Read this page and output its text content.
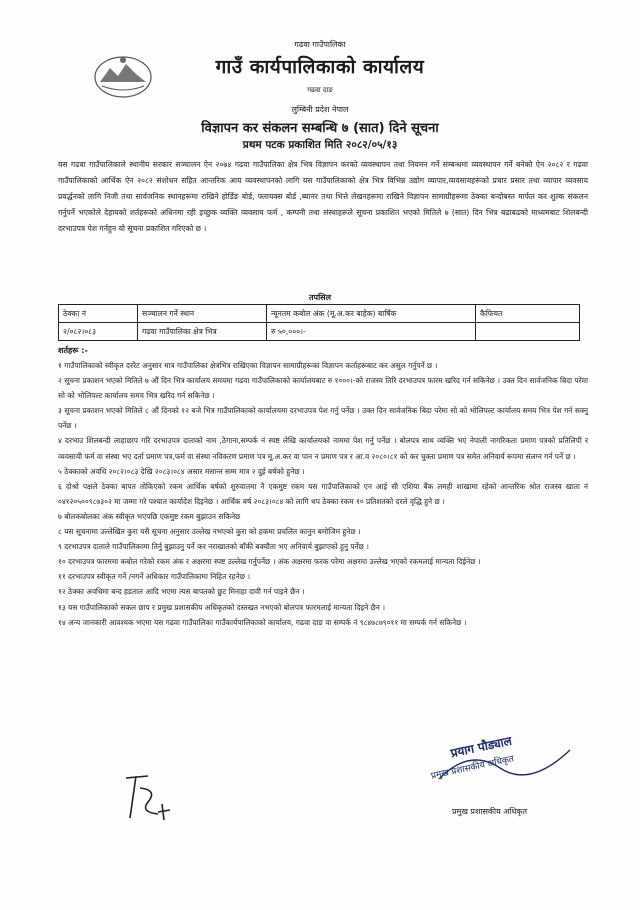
गढवा गाउँपालिका
गाउँ कार्यपालिकाको कार्यालय
गढवा दाङ
लुम्बिनी प्रदेश नेपाल
विज्ञापन कर संकलन सम्बन्धि ७ (सात) दिने सूचना
प्रथम पटक प्रकाशित मिति २०८२/०५/१३
यस गढवा गाउँपालिकाले स्थानीय सरकार सञ्चालन ऐन २०७४ गढवा गाउँपालिका क्षेत्र भित्र विज्ञापन करको व्यवस्थापन तथा नियमन गर्ने सम्बन्धमा व्यवस्थापन गर्ने बनेको ऐन २०८२ र गढवा गाउँपालिकाको आर्थिक ऐन २०८२ संशोधन सहित आन्तरिक आय व्यवस्थापनको लागि यस गाउँपालिकाको क्षेत्र भित्र विभिन्न उद्योग व्यापार,व्यवसायहरूको प्रचार प्रसार तथा व्यापार व्यवसाय प्रवर्द्धनको लागि निजी तथा सार्वजनिक स्थानहरूमा राखिने होर्डिङ बोर्ड, फ्लायक्स बोर्ड ,ब्यानर तथा भित्ते लेखनहरूमा राखिने विज्ञापन सामाग्रीहरूमा ठेक्का बन्दोबस्त मार्फत कर शुल्क संकलन गर्नुपर्ने भएकोले देहायको शर्तहरूको अधिनमा रही इच्छुक व्यक्ति व्यवसाय फर्म , कम्पनी तथा संस्थाहरूले सूचना प्रकाशित भएको मितिले ७ (सात) दिन भित्र बढाबढको माध्यमबाट शिलबन्दी दरभाउपत्र पेश गर्नहुन यो सूचना प्रकाशित गरिएको छ ।
तपसिल
ठेक्का नं	सञ्चालन गर्ने स्थान	न्यूनतम कबोल अंक (मू.अ.कर बाहेक) बार्षिक	कैफियत
२/०८२।०८३	गढवा गाउँपालिका क्षेत्र भित्र	रु ५०,०००।-	
शर्तहरू :-

१ गाउँपालिकाको स्वीकृत दररेट अनुसार मात्र गाउँपालिका क्षेत्रभित्र राखिएका विज्ञापन सामाग्रीहरूका विज्ञापन कर्ताहरूबाट कर असुल गर्नुपर्ने छ ।

२ सूचना प्रकाशन भएको मितिले ७ औं दिन भित्र कार्यालय समयमा गढवा गाउँपालिकाको कार्यालयबाट रु १०००।-को राजस्व तिरि दरभाउपत्र फारम खरिद गर्न सकिनेछ । उक्त दिन सार्वजनिक बिदा परेमा सो को भोलिपल्ट कार्यालय समय भित्र खरिद गर्न सकिनेछ ।

३ सूचना प्रकाशन भएको मितिले ८ औं दिनको १२ बजे भित्र गाउँपालिकाको कार्यालयमा दरभाउपत्र पेश गर्नु पर्नेछ । उक्त दिन सार्वजनिक बिदा परेमा सो को भोलिपल्ट कार्यालय समय भित्र पेश गर्न सक्नु पर्नेछ ।

४ दरभाउ शिलबन्दी लाहाछाप गरि दरभाउपत्र दाताको नाम ,ठेगाना,सम्पर्क नं स्पष्ट लेखि कार्यालयको नाममा पेश गर्नु पर्नेछ । बोलपत्र साथ व्यक्ति भए नेपाली नागरिकता प्रमाण पत्रको प्रतिलिपी र व्यवसायी फर्म वा संस्था भए दर्ता प्रमाण पत्र,फर्म वा संस्था नविकरण प्रमाण पत्र मू.अ.कर वा पान न प्रमाण पत्र र आ.व २०८०।८१ को कर चुक्ता प्रमाण पत्र समेत अनिवार्य रूपमा संलग्न गर्न पर्ने छ ।

५ ठेक्काको अवधि २०८२।०८३ देखि २०८३।०८४ असार मसान्त सम्म मात्र २ दुई बर्षको हुनेछ ।

६ दोश्रो पक्षले ठेक्का बापत तोकिएको रकम आर्थिक बर्षको शुरुवातमा नै एकमुष्ट रकम यस गाउँपालिकाको एन आई सी एशिया बैंक लमही शाखामा रहेको आन्तरिक श्रोत राजस्व खाता नं ०४१२०५००९८७३०२ मा जम्मा गरे पश्चात कार्यादेश दिइनेछ । आर्थिक बर्ष २०८३।०८४ को लागि थप ठेक्का रकम १० प्रतिशतको दरले वृद्धि हुने छ ।

७ बोलकबोलका अंक स्वीकृत भएपछि एकमुष्ट रकम बुझाउन सकिनेछ

८ यस सूचनामा उल्लेखित कुरा यसै सूचना अनुसार उल्लेख नभएको कुरा को हकमा प्रचलित कानुन बमोजिम हुनेछ ।

९ दरभाउपत्र दाताले गाउँपालिकामा तिर्नु बुझाउनु पर्ने कर नराखातको बाँकी बक्यौता भए अनिवार्य बुझाएको हुनु पर्नेछ ।

१० दरभाउपत्र फारममा कबोल गरेको रकम अंक र अक्षरमा स्पष्ट उल्लेख गर्नुपर्नेछ । अंक अक्षरमा फरक परेमा अक्षरमा उल्लेख भएको रकमलाई मान्यता दिईनेछ ।

११ दरभाउपत्र स्वीकृत गर्ने /नगर्ने अधिकार गाउँपालिकामा निहित रहनेछ ।

१२ ठेक्का अवधिमा बन्द हडताल आदि भएमा त्यस बापतको छुट मिनाहा दावी गर्न पाइने छैन ।

१३ यस गाउँपालिकाको सकल छाप र प्रमुख प्रशासकीय अधिकृतको दस्तखत नभएको बोलपत्र फारमलाई मान्यता दिइने छैन ।

१४ अन्य जानकारी आवश्यक भएमा यस गढवा गाउँपालिका गाउँकार्यपालिकाको कार्यालय, गढवा दाङ वा सम्पर्क नं ९८४७८७९०११ मा सम्पर्क गर्न सकिनेछ ।

प्रयाग पौड्याल
प्रमुख प्रशासकीय अधिकृत
प्रमुख प्रशासकीय अधिकृत
